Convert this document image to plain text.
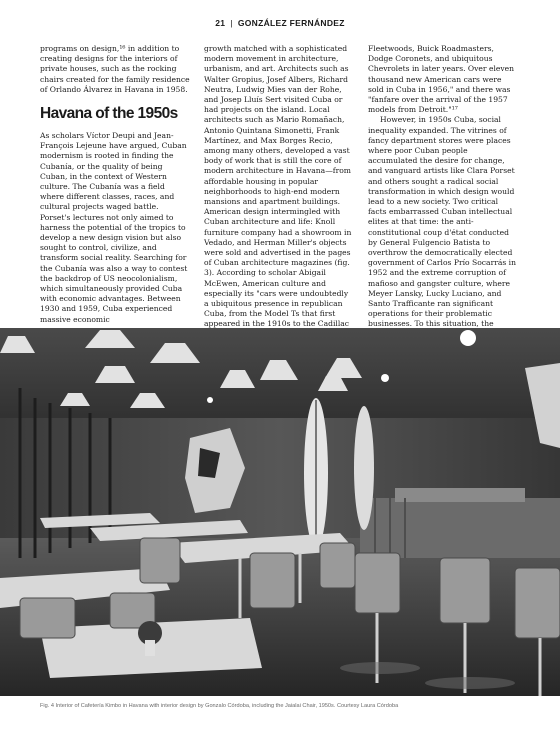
21 | GONZÁLEZ FERNÁNDEZ

programs on design,¹⁶ in addition to creating designs for the interiors of private houses, such as the rocking chairs created for the family residence of Orlando Álvarez in Havana in 1958.

Havana of the 1950s

As scholars Víctor Deupi and Jean-François Lejeune have argued, Cuban modernism is rooted in finding the Cubanía, or the quality of being Cuban, in the context of Western culture. The Cubanía was a field where different classes, races, and cultural projects waged battle. Porset's lectures not only aimed to harness the potential of the tropics to develop a new design vision but also sought to control, civilize, and transform social reality. Searching for the Cubanía was also a way to contest the backdrop of US neocolonialism, which simultaneously provided Cuba with economic advantages. Between 1930 and 1959, Cuba experienced massive economic

growth matched with a sophisticated modern movement in architecture, urbanism, and art. Architects such as Walter Gropius, Josef Albers, Richard Neutra, Ludwig Mies van der Rohe, and Josep Lluís Sert visited Cuba or had projects on the island. Local architects such as Mario Romañach, Antonio Quintana Simonetti, Frank Martínez, and Max Borges Recio, among many others, developed a vast body of work that is still the core of modern architecture in Havana—from affordable housing in popular neighborhoods to high-end modern mansions and apartment buildings. American design intermingled with Cuban architecture and life: Knoll furniture company had a showroom in Vedado, and Herman Miller's objects were sold and advertised in the pages of Cuban architecture magazines (fig. 3). According to scholar Abigail McEwen, American culture and especially its "cars were undoubtedly a ubiquitous presence in republican Cuba, from the Model Ts that first appeared in the 1910s to the Cadillac

Fleetwoods, Buick Roadmasters, Dodge Coronets, and ubiquitous Chevrolets in later years. Over eleven thousand new American cars were sold in Cuba in 1956," and there was "fanfare over the arrival of the 1957 models from Detroit."¹⁷

However, in 1950s Cuba, social inequality expanded. The vitrines of fancy department stores were places where poor Cuban people accumulated the desire for change, and vanguard artists like Clara Porset and others sought a radical social transformation in which design would lead to a new society. Two critical facts embarrassed Cuban intellectual elites at that time: the anti-constitutional coup d'état conducted by General Fulgencio Batista to overthrow the democratically elected government of Carlos Prío Socarrás in 1952 and the extreme corruption of mafioso and gangster culture, where Meyer Lansky, Lucky Luciano, and Santo Trafficante ran significant operations for their problematic businesses. To this situation, the

Fig. 4 Interior of Cafetería Kimbo in Havana with interior design by Gonzalo Córdoba, including the Jaialai Chair, 1950s. Courtesy Laura Córdoba
